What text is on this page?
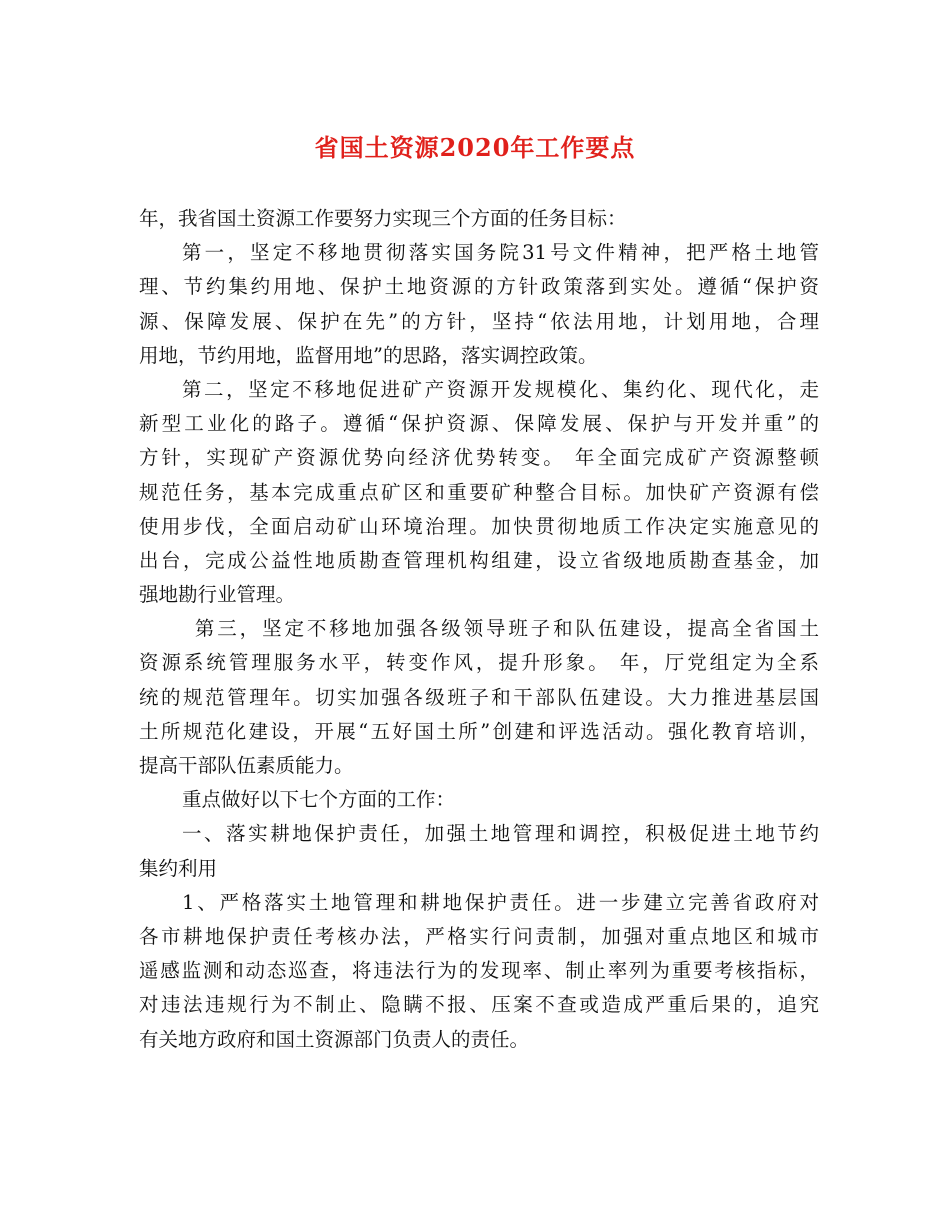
省国土资源2020年工作要点
年，我省国土资源工作要努力实现三个方面的任务目标：
第一，坚定不移地贯彻落实国务院31号文件精神，把严格土地管
理、节约集约用地、保护土地资源的方针政策落到实处。遵循“保护资
源、保障发展、保护在先”的方针，坚持“依法用地，计划用地，合理
用地，节约用地，监督用地”的思路，落实调控政策。
第二，坚定不移地促进矿产资源开发规模化、集约化、现代化，走
新型工业化的路子。遵循“保护资源、保障发展、保护与开发并重”的
方针，实现矿产资源优势向经济优势转变。 年全面完成矿产资源整顿
规范任务，基本完成重点矿区和重要矿种整合目标。加快矿产资源有偿
使用步伐，全面启动矿山环境治理。加快贯彻地质工作决定实施意见的
出台，完成公益性地质勘查管理机构组建，设立省级地质勘查基金，加
强地勘行业管理。
第三，坚定不移地加强各级领导班子和队伍建设，提高全省国土
资源系统管理服务水平，转变作风，提升形象。 年，厅党组定为全系
统的规范管理年。切实加强各级班子和干部队伍建设。大力推进基层国
土所规范化建设，开展“五好国土所”创建和评选活动。强化教育培训，
提高干部队伍素质能力。
重点做好以下七个方面的工作：
一、落实耕地保护责任，加强土地管理和调控，积极促进土地节约
集约利用
1、严格落实土地管理和耕地保护责任。进一步建立完善省政府对
各市耕地保护责任考核办法，严格实行问责制，加强对重点地区和城市
遥感监测和动态巡查，将违法行为的发现率、制止率列为重要考核指标，
对违法违规行为不制止、隐瞒不报、压案不查或造成严重后果的，追究
有关地方政府和国土资源部门负责人的责任。
